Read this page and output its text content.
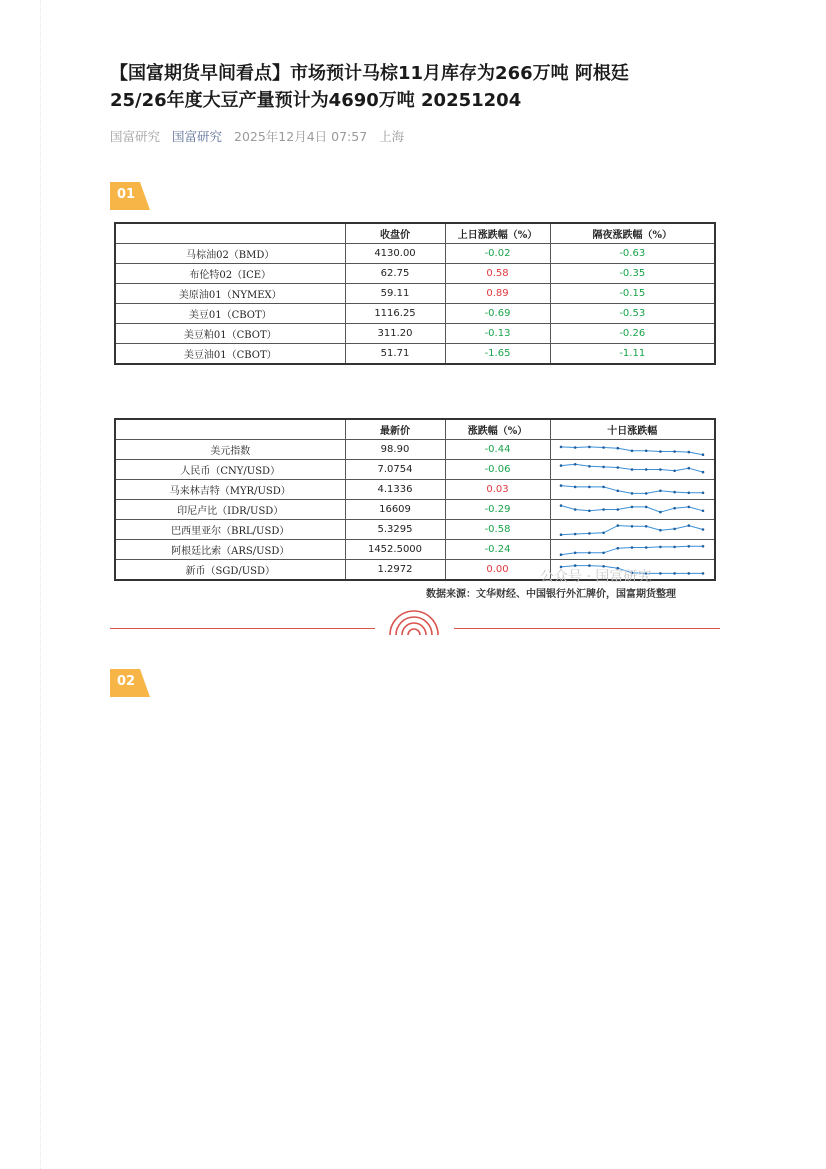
【国富期货早间看点】市场预计马棕11月库存为266万吨 阿根廷
25/26年度大豆产量预计为4690万吨 20251204
国富研究 国富研究 2025年12月4日 07:57 上海
01
	收盘价	上日涨跌幅（%）	隔夜涨跌幅（%）
马棕油02（BMD）	4130.00	-0.02	-0.63
布伦特02（ICE）	62.75	0.58	-0.35
美原油01（NYMEX）	59.11	0.89	-0.15
美豆01（CBOT）	1116.25	-0.69	-0.53
美豆粕01（CBOT）	311.20	-0.13	-0.26
美豆油01（CBOT）	51.71	-1.65	-1.11
	最新价	涨跌幅（%）	十日涨跌幅
美元指数	98.90	-0.44	

人民币（CNY/USD）	7.0754	-0.06	

马来林吉特（MYR/USD）	4.1336	0.03	

印尼卢比（IDR/USD）	16609	-0.29	

巴西里亚尔（BRL/USD）	5.3295	-0.58	

阿根廷比索（ARS/USD）	1452.5000	-0.24	

新币（SGD/USD）	1.2972	0.00	公众号 · 国富研究
数据来源：文华财经、中国银行外汇牌价，国富期货整理
02
